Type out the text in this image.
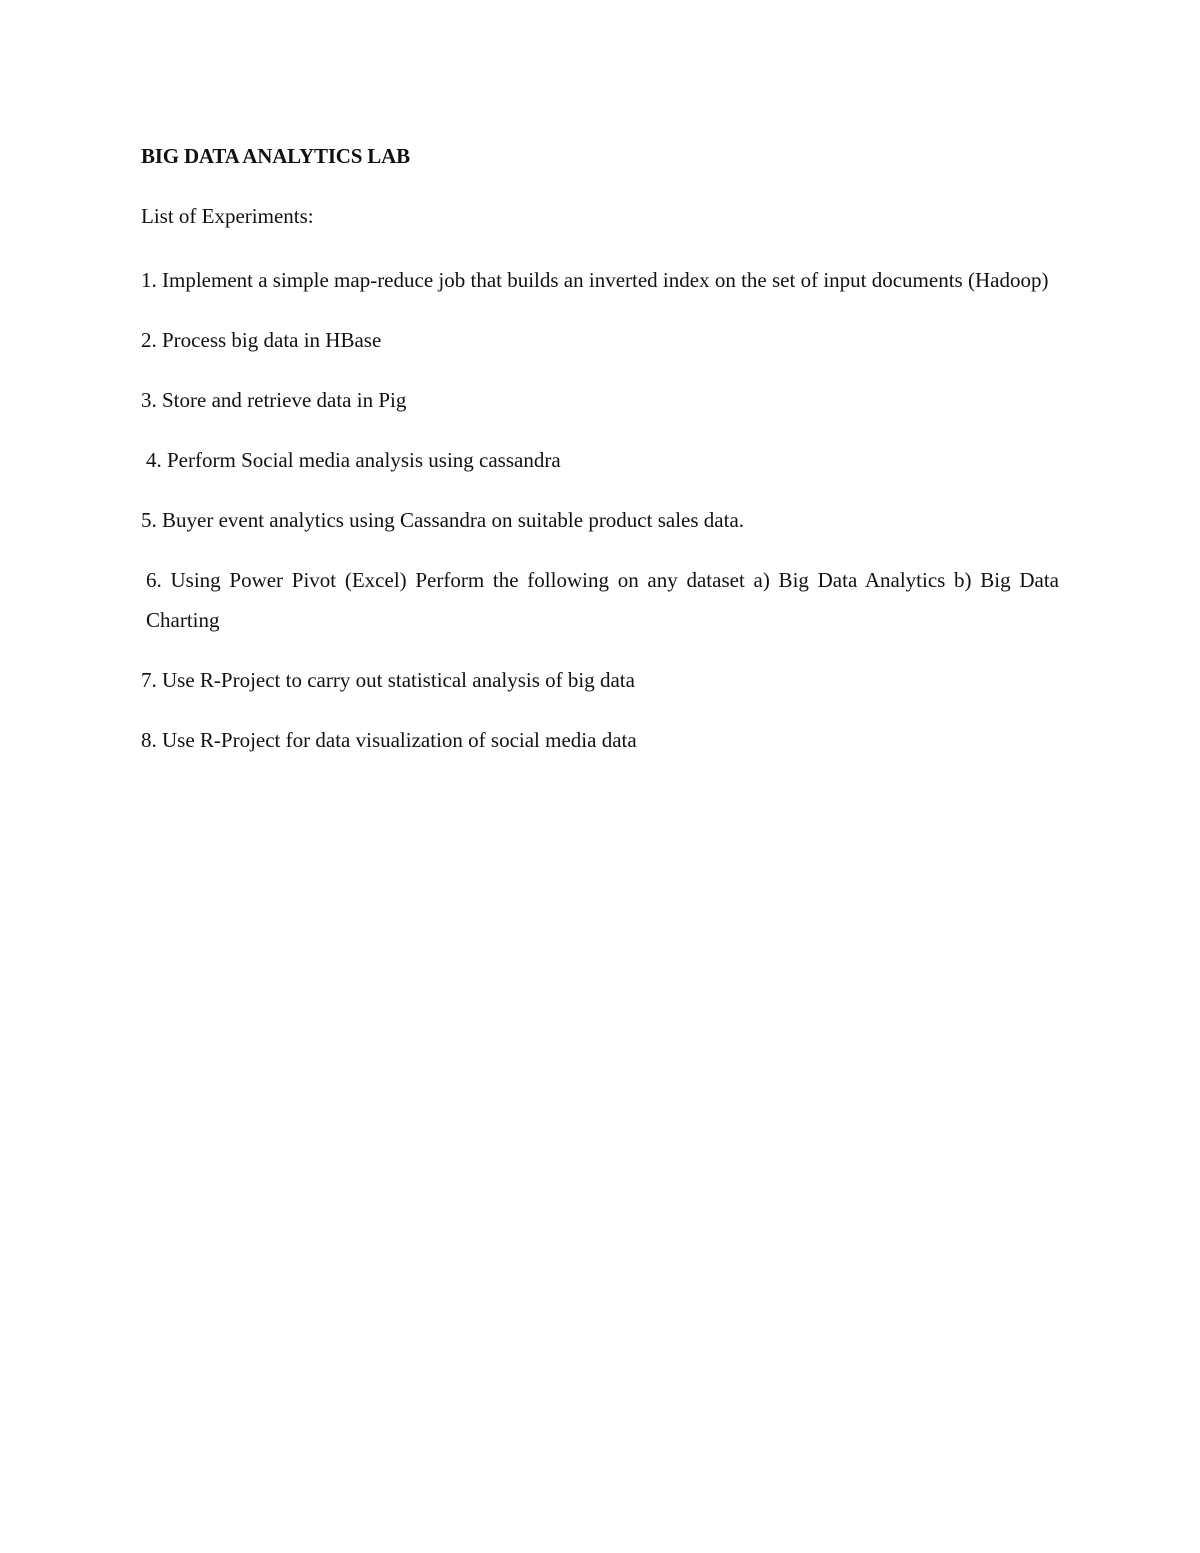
BIG DATA ANALYTICS LAB

List of Experiments:

1. Implement a simple map-reduce job that builds an inverted index on the set of input documents (Hadoop)
2. Process big data in HBase
3. Store and retrieve data in Pig
4. Perform Social media analysis using cassandra
5. Buyer event analytics using Cassandra on suitable product sales data.
6. Using Power Pivot (Excel) Perform the following on any dataset a) Big Data Analytics b) Big Data Charting
7. Use R-Project to carry out statistical analysis of big data
8. Use R-Project for data visualization of social media data
